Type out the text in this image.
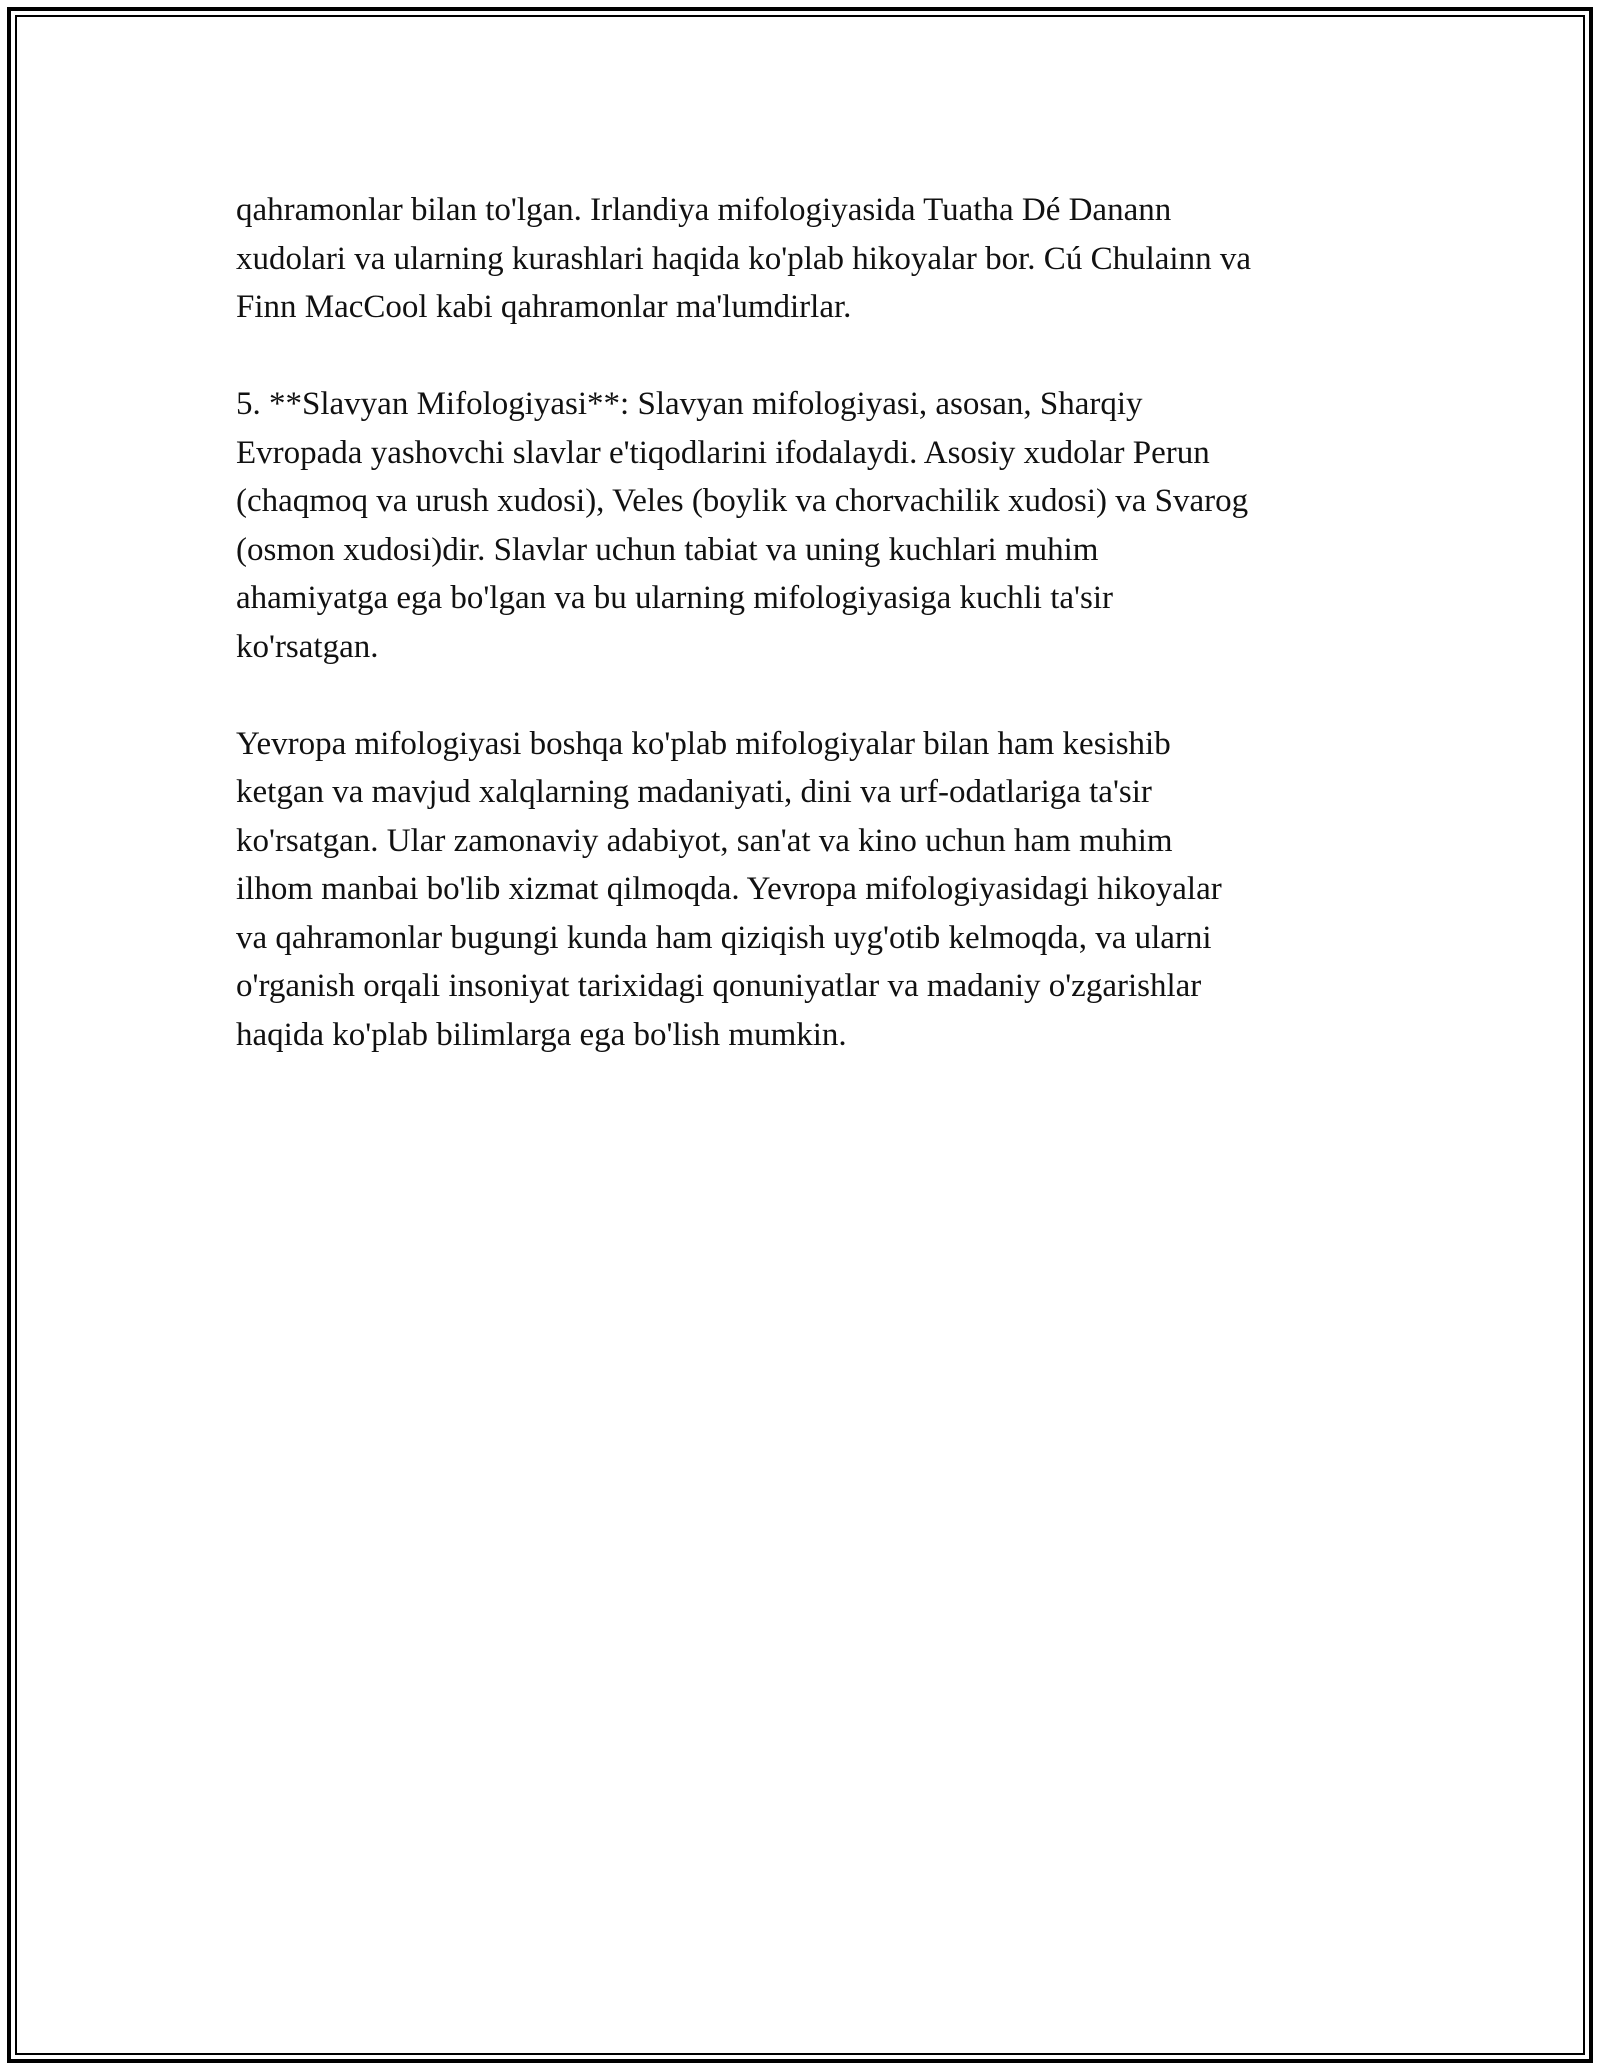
qahramonlar bilan to'lgan. Irlandiya mifologiyasida Tuatha Dé Danann
xudolari va ularning kurashlari haqida ko'plab hikoyalar bor. Cú Chulainn va
Finn MacCool kabi qahramonlar ma'lumdirlar.

5. **Slavyan Mifologiyasi**: Slavyan mifologiyasi, asosan, Sharqiy
Evropada yashovchi slavlar e'tiqodlarini ifodalaydi. Asosiy xudolar Perun
(chaqmoq va urush xudosi), Veles (boylik va chorvachilik xudosi) va Svarog
(osmon xudosi)dir. Slavlar uchun tabiat va uning kuchlari muhim
ahamiyatga ega bo'lgan va bu ularning mifologiyasiga kuchli ta'sir
ko'rsatgan.

Yevropa mifologiyasi boshqa ko'plab mifologiyalar bilan ham kesishib
ketgan va mavjud xalqlarning madaniyati, dini va urf-odatlariga ta'sir
ko'rsatgan. Ular zamonaviy adabiyot, san'at va kino uchun ham muhim
ilhom manbai bo'lib xizmat qilmoqda. Yevropa mifologiyasidagi hikoyalar
va qahramonlar bugungi kunda ham qiziqish uyg'otib kelmoqda, va ularni
o'rganish orqali insoniyat tarixidagi qonuniyatlar va madaniy o'zgarishlar
haqida ko'plab bilimlarga ega bo'lish mumkin.
